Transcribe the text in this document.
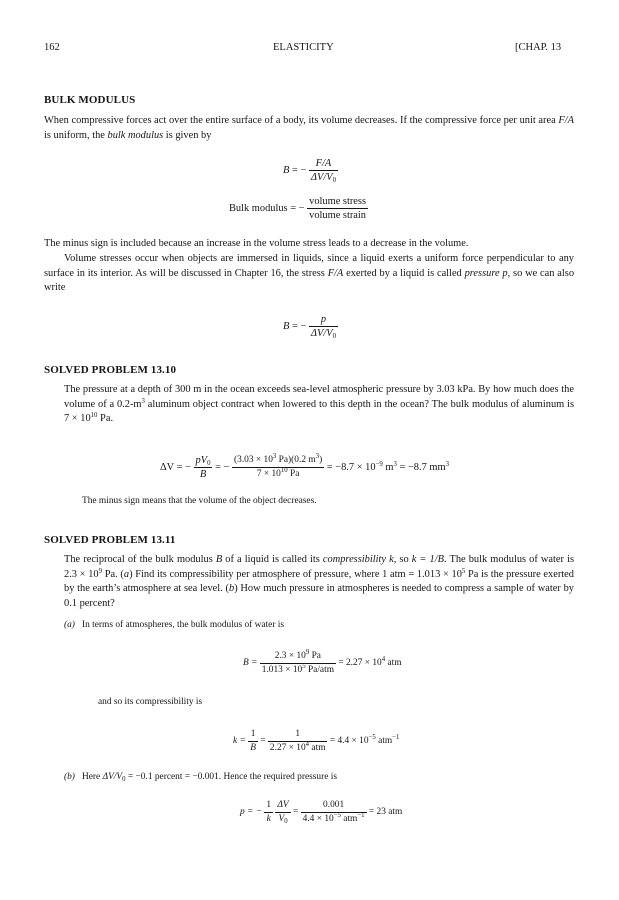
162	ELASTICITY	[CHAP. 13
BULK MODULUS
When compressive forces act over the entire surface of a body, its volume decreases. If the compressive force per unit area F/A is uniform, the bulk modulus is given by
B = − $\frac{F/A}{\Delta V/V_0}$
Bulk modulus = − $\frac{\text{volume stress}}{\text{volume strain}}$
The minus sign is included because an increase in the volume stress leads to a decrease in the volume.
Volume stresses occur when objects are immersed in liquids, since a liquid exerts a uniform force perpendicular to any surface in its interior. As will be discussed in Chapter 16, the stress F/A exerted by a liquid is called pressure p, so we can also write
B = − $\frac{p}{\Delta V/V_0}$
SOLVED PROBLEM 13.10
The pressure at a depth of 300 m in the ocean exceeds sea-level atmospheric pressure by 3.03 kPa. By how much does the volume of a $0.2-m^3$ aluminum object contract when lowered to this depth in the ocean? The bulk modulus of aluminum is $7 \times 10^{10}$ Pa.
ΔV = − $\frac{pV_0}{B}$ = − $\frac{(3.03 \times 10^3 Pa)(0.2 m^3)}{7 \times 10^{10} Pa} = -8.7 \times 10^{-9}$ $m^3 = -8.7$ $mm^3$
The minus sign means that the volume of the object decreases.
SOLVED PROBLEM 13.11
The reciprocal of the bulk modulus B of a liquid is called its compressibility k, so k = 1/B. The bulk modulus of water is $2.3 \times 10^9$ Pa. (a) Find its compressibility per atmosphere of pressure, where 1 atm = $1.013 \times 10^5$ Pa is the pressure exerted by the earth’s atmosphere at sea level. (b) How much pressure in atmospheres is needed to compress a sample of water by 0.1 percent?
(a) In terms of atmospheres, the bulk modulus of water is
$B = \frac{2.3 \times 10^9 Pa}{1.013 \times 10^5 Pa/atm} = 2.27 \times 10^4$ atm
and so its compressibility is
$k = \frac{1}{B} = \frac{1}{2.27 \times 10^4 atm} = 4.4 \times 10^{-5}$ atm$^{-1}$
(b) Here $\Delta V/V_0 = -0.1$ percent = −0.001. Hence the required pressure is
p = − $\frac{1}{k}$
$\frac{\Delta V}{V_0} = \frac{0.001}{4.4 \times 10^{-5} atm^{-1}} = 23$ atm
